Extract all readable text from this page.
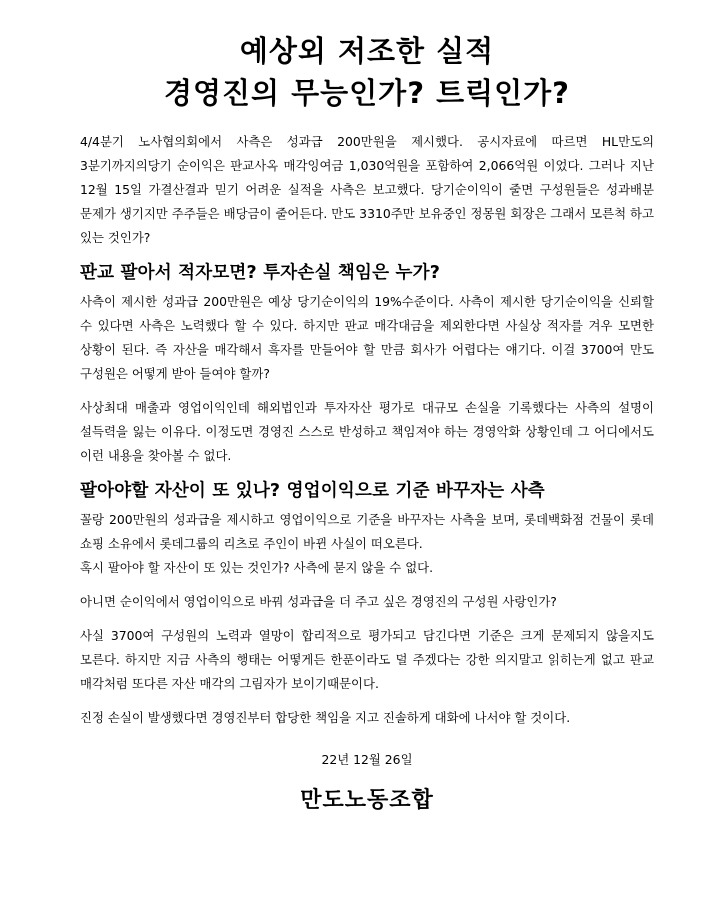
예상외 저조한 실적
경영진의 무능인가? 트릭인가?

4/4분기 노사협의회에서 사측은 성과급 200만원을 제시했다. 공시자료에 따르면 HL만도의 3분기까지의당기 순이익은 판교사옥 매각잉여금 1,030억원을 포함하여 2,066억원 이었다. 그러나 지난 12월 15일 가결산결과 믿기 어려운 실적을 사측은 보고했다. 당기순이익이 줄면 구성원들은 성과배분 문제가 생기지만 주주들은 배당금이 줄어든다. 만도 3310주만 보유중인 정몽원 회장은 그래서 모른척 하고 있는 것인가?

판교 팔아서 적자모면? 투자손실 책임은 누가?

사측이 제시한 성과급 200만원은 예상 당기순이익의 19%수준이다. 사측이 제시한 당기순이익을 신뢰할 수 있다면 사측은 노력했다 할 수 있다. 하지만 판교 매각대금을 제외한다면 사실상 적자를 겨우 모면한 상황이 된다. 즉 자산을 매각해서 흑자를 만들어야 할 만큼 회사가 어렵다는 얘기다. 이걸 3700여 만도 구성원은 어떻게 받아 들여야 할까?

사상최대 매출과 영업이익인데 해외법인과 투자자산 평가로 대규모 손실을 기록했다는 사측의 설명이 설득력을 잃는 이유다. 이정도면 경영진 스스로 반성하고 책임져야 하는 경영악화 상황인데 그 어디에서도 이런 내용을 찾아볼 수 없다.

팔아야할 자산이 또 있나? 영업이익으로 기준 바꾸자는 사측

꼴랑 200만원의 성과급을 제시하고 영업이익으로 기준을 바꾸자는 사측을 보며, 롯데백화점 건물이 롯데 쇼핑 소유에서 롯데그룹의 리츠로 주인이 바뀐 사실이 떠오른다.

혹시 팔아야 할 자산이 또 있는 것인가? 사측에 묻지 않을 수 없다.

아니면 순이익에서 영업이익으로 바꿔 성과급을 더 주고 싶은 경영진의 구성원 사랑인가?

사실 3700여 구성원의 노력과 열망이 합리적으로 평가되고 담긴다면 기준은 크게 문제되지 않을지도 모른다. 하지만 지금 사측의 행태는 어떻게든 한푼이라도 덜 주겠다는 강한 의지말고 읽히는게 없고 판교 매각처럼 또다른 자산 매각의 그림자가 보이기때문이다.

진정 손실이 발생했다면 경영진부터 합당한 책임을 지고 진솔하게 대화에 나서야 할 것이다.

22년 12월 26일
만도노동조합
